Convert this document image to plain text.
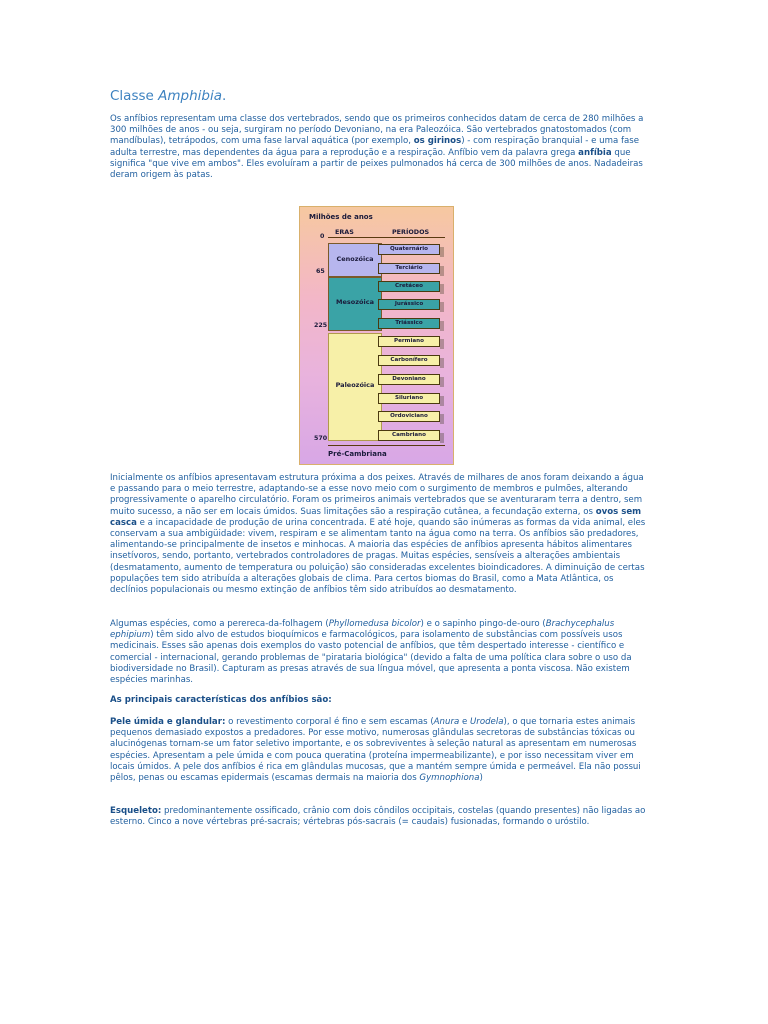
Classe Amphibia.

Os anfíbios representam uma classe dos vertebrados, sendo que os primeiros conhecidos datam de cerca de 280 milhões a 300 milhões de anos - ou seja, surgiram no período Devoniano, na era Paleozóica. São vertebrados gnatostomados (com mandíbulas), tetrápodos, com uma fase larval aquática (por exemplo, os girinos) - com respiração branquial - e uma fase adulta terrestre, mas dependentes da água para a reprodução e a respiração. Anfíbio vem da palavra grega anfíbia que significa "que vive em ambos". Eles evoluíram a partir de peixes pulmonados há cerca de 300 milhões de anos. Nadadeiras deram origem às patas.

Milhões de anos
ERAS	PERÍODOS
0
65
225
570
Cenozóica
Mesozóica
Paleozóica
Quaternário
Terciário
Cretáceo
Jurássico
Triássico
Permiano
Carbonífero
Devoniano
Siluriano
Ordoviciano
Cambriano
Pré-Cambriana

Inicialmente os anfíbios apresentavam estrutura próxima a dos peixes. Através de milhares de anos foram deixando a água e passando para o meio terrestre, adaptando-se a esse novo meio com o surgimento de membros e pulmões, alterando progressivamente o aparelho circulatório. Foram os primeiros animais vertebrados que se aventuraram terra a dentro, sem muito sucesso, a não ser em locais úmidos. Suas limitações são a respiração cutânea, a fecundação externa, os ovos sem casca e a incapacidade de produção de urina concentrada. E até hoje, quando são inúmeras as formas da vida animal, eles conservam a sua ambigüidade: vivem, respiram e se alimentam tanto na água como na terra. Os anfíbios são predadores, alimentando-se principalmente de insetos e minhocas. A maioria das espécies de anfíbios apresenta hábitos alimentares insetívoros, sendo, portanto, vertebrados controladores de pragas. Muitas espécies, sensíveis a alterações ambientais (desmatamento, aumento de temperatura ou poluição) são consideradas excelentes bioindicadores. A diminuição de certas populações tem sido atribuída a alterações globais de clima. Para certos biomas do Brasil, como a Mata Atlântica, os declínios populacionais ou mesmo extinção de anfíbios têm sido atribuídos ao desmatamento.

Algumas espécies, como a perereca-da-folhagem (Phyllomedusa bicolor) e o sapinho pingo-de-ouro (Brachycephalus ephipium) têm sido alvo de estudos bioquímicos e farmacológicos, para isolamento de substâncias com possíveis usos medicinais. Esses são apenas dois exemplos do vasto potencial de anfíbios, que têm despertado interesse - científico e comercial - internacional, gerando problemas de "pirataria biológica" (devido a falta de uma política clara sobre o uso da biodiversidade no Brasil). Capturam as presas através de sua língua móvel, que apresenta a ponta viscosa. Não existem espécies marinhas.

As principais características dos anfíbios são:

Pele úmida e glandular: o revestimento corporal é fino e sem escamas (Anura e Urodela), o que tornaria estes animais pequenos demasiado expostos a predadores. Por esse motivo, numerosas glândulas secretoras de substâncias tóxicas ou alucinógenas tornam-se um fator seletivo importante, e os sobreviventes à seleção natural as apresentam em numerosas espécies. Apresentam a pele úmida e com pouca queratina (proteína impermeabilizante), e por isso necessitam viver em locais úmidos. A pele dos anfíbios é rica em glândulas mucosas, que a mantém sempre úmida e permeável. Ela não possui pêlos, penas ou escamas epidermais (escamas dermais na maioria dos Gymnophiona)

Esqueleto: predominantemente ossificado, crânio com dois côndilos occipitais, costelas (quando presentes) não ligadas ao esterno. Cinco a nove vértebras pré-sacrais; vértebras pós-sacrais (= caudais) fusionadas, formando o uróstilo.
